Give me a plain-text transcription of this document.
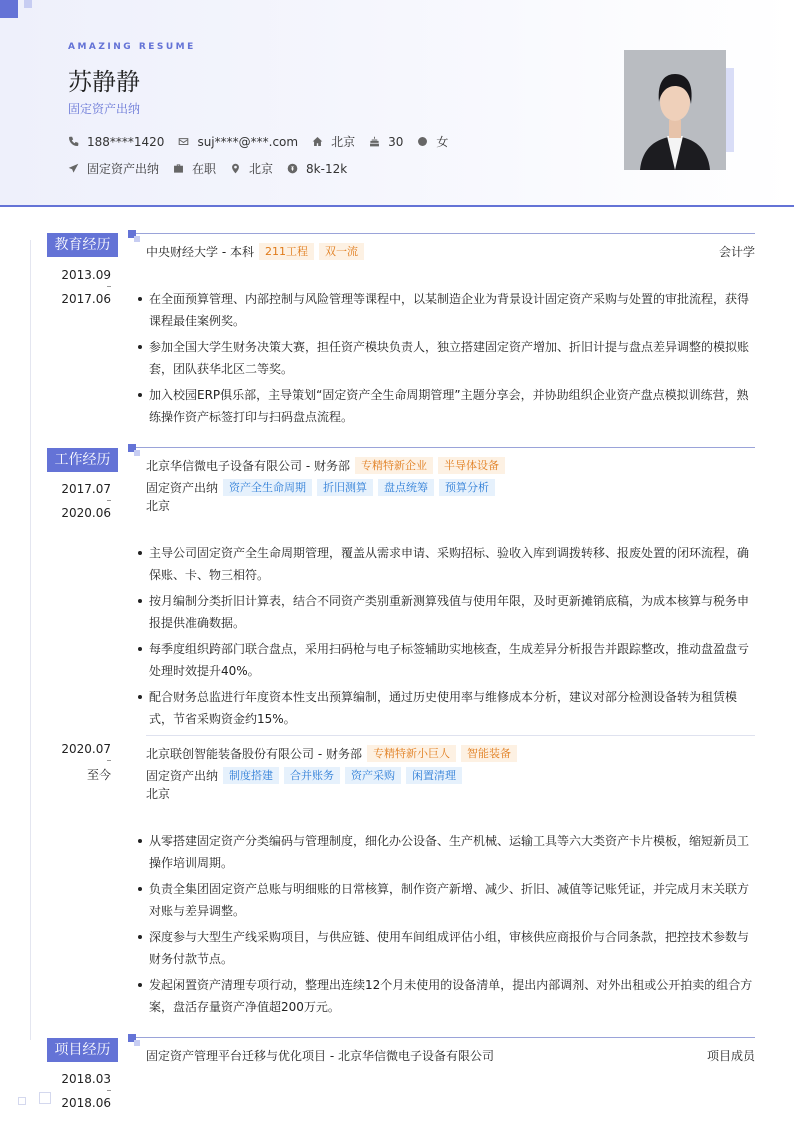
AMAZING RESUME
苏静静
固定资产出纳
188****1420	suj****@***.com	北京	30	女
固定资产出纳	在职	北京	8k-12k
教育经历
2013.09
2017.06
中央财经大学 - 本科	211工程	双一流	会计学
在全面预算管理、内部控制与风险管理等课程中，以某制造企业为背景设计固定资产采购与处置的审批流程，获得课程最佳案例奖。
参加全国大学生财务决策大赛，担任资产模块负责人，独立搭建固定资产增加、折旧计提与盘点差异调整的模拟账套，团队获华北区二等奖。
加入校园ERP俱乐部，主导策划“固定资产全生命周期管理”主题分享会，并协助组织企业资产盘点模拟训练营，熟练操作资产标签打印与扫码盘点流程。
工作经历
2017.07
2020.06
北京华信微电子设备有限公司 - 财务部	专精特新企业	半导体设备
固定资产出纳	资产全生命周期	折旧测算	盘点统筹	预算分析
北京
主导公司固定资产全生命周期管理，覆盖从需求申请、采购招标、验收入库到调拨转移、报废处置的闭环流程，确保账、卡、物三相符。
按月编制分类折旧计算表，结合不同资产类别重新测算残值与使用年限，及时更新摊销底稿，为成本核算与税务申报提供准确数据。
每季度组织跨部门联合盘点，采用扫码枪与电子标签辅助实地核查，生成差异分析报告并跟踪整改，推动盘盈盘亏处理时效提升40%。
配合财务总监进行年度资本性支出预算编制，通过历史使用率与维修成本分析，建议对部分检测设备转为租赁模式，节省采购资金约15%。
2020.07
至今
北京联创智能装备股份有限公司 - 财务部	专精特新小巨人	智能装备
固定资产出纳	制度搭建	合并账务	资产采购	闲置清理
北京
从零搭建固定资产分类编码与管理制度，细化办公设备、生产机械、运输工具等六大类资产卡片模板，缩短新员工操作培训周期。
负责全集团固定资产总账与明细账的日常核算，制作资产新增、减少、折旧、减值等记账凭证，并完成月末关联方对账与差异调整。
深度参与大型生产线采购项目，与供应链、使用车间组成评估小组，审核供应商报价与合同条款，把控技术参数与财务付款节点。
发起闲置资产清理专项行动，整理出连续12个月未使用的设备清单，提出内部调剂、对外出租或公开拍卖的组合方案，盘活存量资产净值超200万元。
项目经历
2018.03
2018.06
固定资产管理平台迁移与优化项目 - 北京华信微电子设备有限公司	项目成员
